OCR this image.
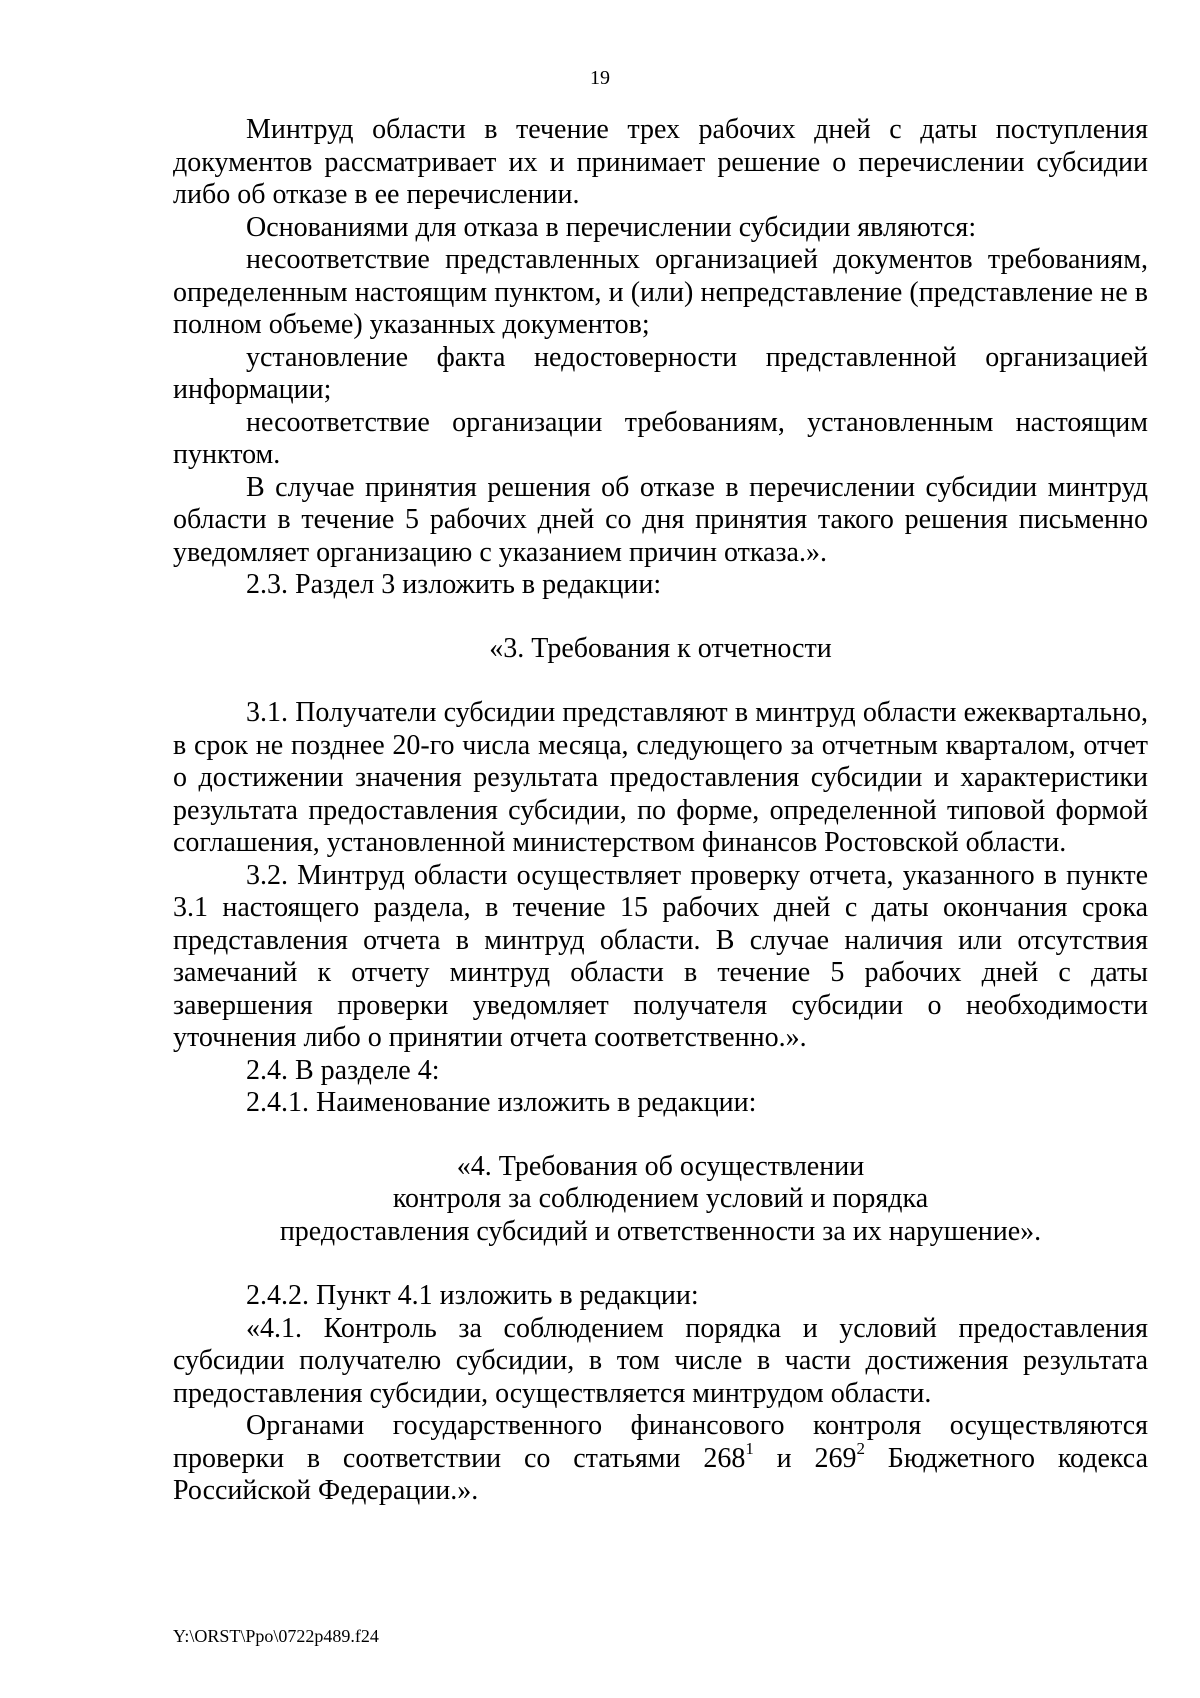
19

Минтруд области в течение трех рабочих дней с даты поступления документов рассматривает их и принимает решение о перечислении субсидии либо об отказе в ее перечислении.

Основаниями для отказа в перечислении субсидии являются:

несоответствие представленных организацией документов требованиям, определенным настоящим пунктом, и (или) непредставление (представление не в полном объеме) указанных документов;

установление факта недостоверности представленной организацией информации;

несоответствие организации требованиям, установленным настоящим пунктом.

В случае принятия решения об отказе в перечислении субсидии минтруд области в течение 5 рабочих дней со дня принятия такого решения письменно уведомляет организацию с указанием причин отказа.».

2.3. Раздел 3 изложить в редакции:

«3. Требования к отчетности

3.1. Получатели субсидии представляют в минтруд области ежеквартально, в срок не позднее 20-го числа месяца, следующего за отчетным кварталом, отчет о достижении значения результата предоставления субсидии и характеристики результата предоставления субсидии, по форме, определенной типовой формой соглашения, установленной министерством финансов Ростовской области.

3.2. Минтруд области осуществляет проверку отчета, указанного в пункте 3.1 настоящего раздела, в течение 15 рабочих дней с даты окончания срока представления отчета в минтруд области. В случае наличия или отсутствия замечаний к отчету минтруд области в течение 5 рабочих дней с даты завершения проверки уведомляет получателя субсидии о необходимости уточнения либо о принятии отчета соответственно.».

2.4. В разделе 4:

2.4.1. Наименование изложить в редакции:

«4. Требования об осуществлении

контроля за соблюдением условий и порядка

предоставления субсидий и ответственности за их нарушение».

2.4.2. Пункт 4.1 изложить в редакции:

«4.1. Контроль за соблюдением порядка и условий предоставления субсидии получателю субсидии, в том числе в части достижения результата предоставления субсидии, осуществляется минтрудом области.

Органами государственного финансового контроля осуществляются проверки в соответствии со статьями $268^1$ и $269^2$ Бюджетного кодекса Российской Федерации.».

Y:\ORST\Ppo\0722p489.f24
